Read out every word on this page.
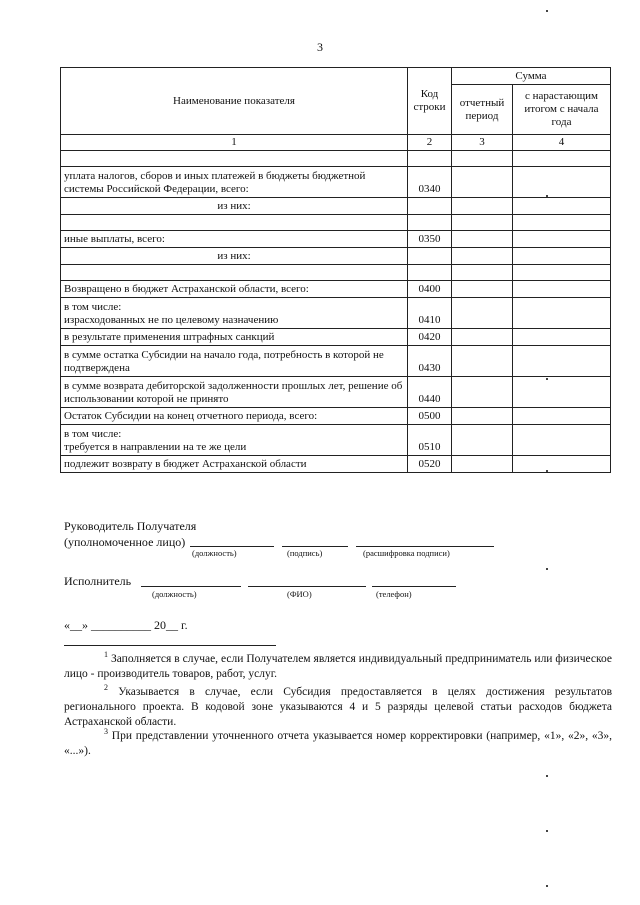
3
Наименование показателя	Код строки	Сумма	
		отчетный период	с нарастающим итогом с начала года
1	2	3	4

уплата налогов, сборов и иных платежей в бюджеты бюджетной системы Российской Федерации, всего:	0340		
из них:			

иные выплаты, всего:	0350		
из них:			

Возвращено в бюджет Астраханской области, всего:	0400		
в том числе:
израсходованных не по целевому назначению	0410		
в результате применения штрафных санкций	0420		
в сумме остатка Субсидии на начало года, потребность в которой не подтверждена	0430		
в сумме возврата дебиторской задолженности прошлых лет, решение об использовании которой не принято	0440		
Остаток Субсидии на конец отчетного периода, всего:	0500		
в том числе:
требуется в направлении на те же цели	0510		
подлежит возврату в бюджет Астраханской области	0520		
Руководитель Получателя
(уполномоченное лицо)
(должность)	(подпись)	(расшифровка подписи)
Исполнитель
(должность)	(ФИО)	(телефон)
«__» __________ 20__ г.
$^1$ Заполняется в случае, если Получателем является индивидуальный предприниматель или физическое лицо - производитель товаров, работ, услуг.
$^2$ Указывается в случае, если Субсидия предоставляется в целях достижения результатов регионального проекта. В кодовой зоне указываются 4 и 5 разряды целевой статьи расходов бюджета Астраханской области.
$^3$ При представлении уточненного отчета указывается номер корректировки (например, «1», «2», «3», «...»).
